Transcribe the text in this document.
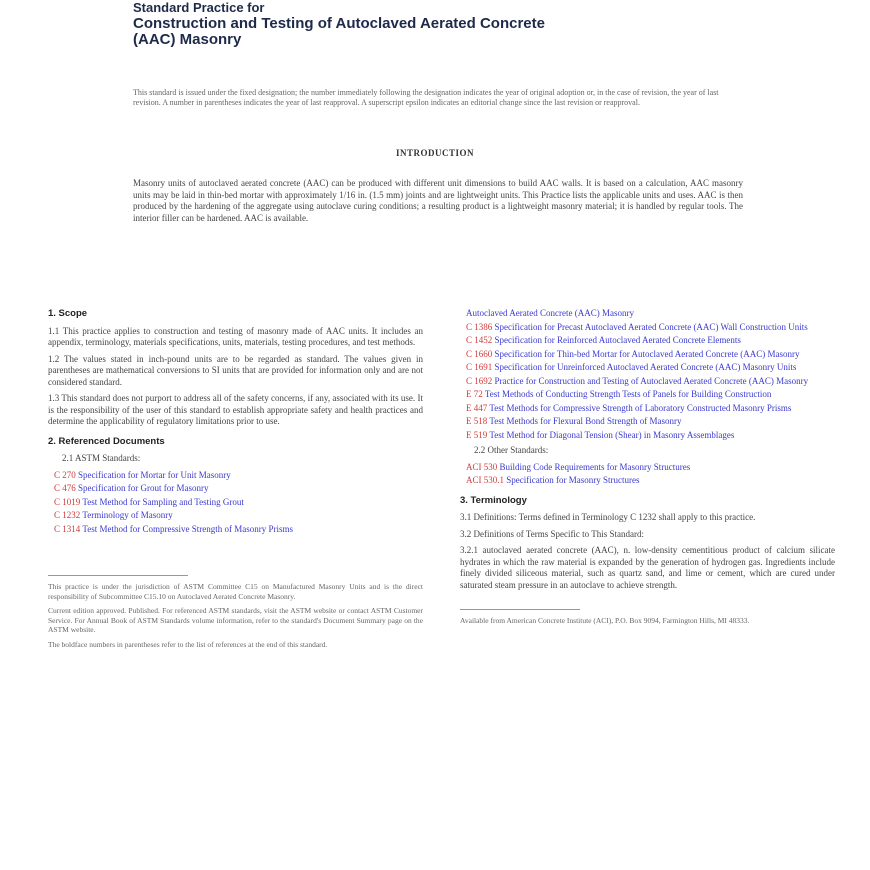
Standard Practice for
Construction and Testing of Autoclaved Aerated Concrete
(AAC) Masonry
This standard is issued under the fixed designation; the number immediately following the designation indicates the year of original adoption or, in the case of revision, the year of last revision. A number in parentheses indicates the year of last reapproval. A superscript epsilon indicates an editorial change since the last revision or reapproval.
INTRODUCTION
Masonry units of autoclaved aerated concrete (AAC) can be produced with different unit dimensions to build AAC walls. It is based on a calculation, AAC masonry units may be laid in thin-bed mortar with approximately 1/16 in. (1.5 mm) joints and are lightweight units. This Practice lists the applicable units and uses. AAC is then produced by the hardening of the aggregate using autoclave curing conditions; a resulting product is a lightweight masonry material; it is handled by regular tools. The interior filler can be hardened. AAC is available.
1. Scope

1.1 This practice applies to construction and testing of masonry made of AAC units. It includes an appendix, terminology, materials specifications, units, materials, testing procedures, and test methods.

1.2 The values stated in inch-pound units are to be regarded as standard. The values given in parentheses are mathematical conversions to SI units that are provided for information only and are not considered standard.

1.3 This standard does not purport to address all of the safety concerns, if any, associated with its use. It is the responsibility of the user of this standard to establish appropriate safety and health practices and determine the applicability of regulatory limitations prior to use.

2. Referenced Documents

2.1 ASTM Standards:

C 270 Specification for Mortar for Unit Masonry

C 476 Specification for Grout for Masonry

C 1019 Test Method for Sampling and Testing Grout

C 1232 Terminology of Masonry

C 1314 Test Method for Compressive Strength of Masonry Prisms

This practice is under the jurisdiction of ASTM Committee C15 on Manufactured Masonry Units and is the direct responsibility of Subcommittee C15.10 on Autoclaved Aerated Concrete Masonry.

Current edition approved. Published. For referenced ASTM standards, visit the ASTM website or contact ASTM Customer Service. For Annual Book of ASTM Standards volume information, refer to the standard's Document Summary page on the ASTM website.

The boldface numbers in parentheses refer to the list of references at the end of this standard.

Autoclaved Aerated Concrete (AAC) Masonry

C 1386 Specification for Precast Autoclaved Aerated Concrete (AAC) Wall Construction Units

C 1452 Specification for Reinforced Autoclaved Aerated Concrete Elements

C 1660 Specification for Thin-bed Mortar for Autoclaved Aerated Concrete (AAC) Masonry

C 1691 Specification for Unreinforced Autoclaved Aerated Concrete (AAC) Masonry Units

C 1692 Practice for Construction and Testing of Autoclaved Aerated Concrete (AAC) Masonry

E 72 Test Methods of Conducting Strength Tests of Panels for Building Construction

E 447 Test Methods for Compressive Strength of Laboratory Constructed Masonry Prisms

E 518 Test Methods for Flexural Bond Strength of Masonry

E 519 Test Method for Diagonal Tension (Shear) in Masonry Assemblages

2.2 Other Standards:

ACI 530 Building Code Requirements for Masonry Structures

ACI 530.1 Specification for Masonry Structures

3. Terminology

3.1 Definitions: Terms defined in Terminology C 1232 shall apply to this practice.

3.2 Definitions of Terms Specific to This Standard:

3.2.1 autoclaved aerated concrete (AAC), n. low-density cementitious product of calcium silicate hydrates in which the raw material is expanded by the generation of hydrogen gas. Ingredients include finely divided siliceous material, such as quartz sand, and lime or cement, which are cured under saturated steam pressure in an autoclave to achieve strength.

Available from American Concrete Institute (ACI), P.O. Box 9094, Farmington Hills, MI 48333.
